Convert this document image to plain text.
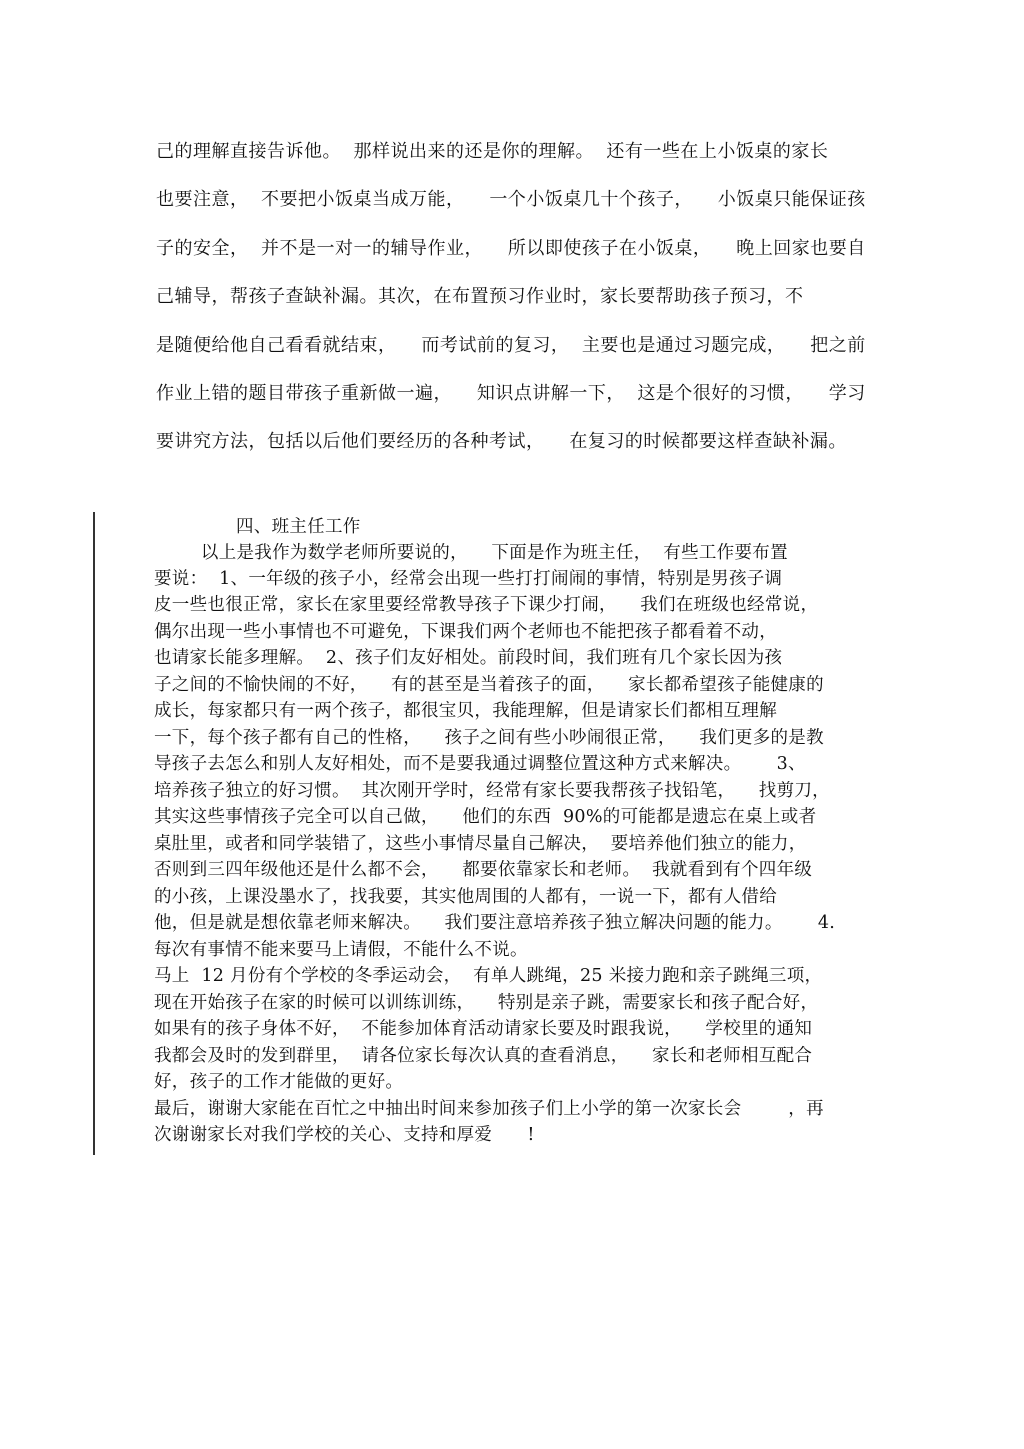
己的理解直接告诉他。  那样说出来的还是你的理解。  还有一些在上小饭桌的家长
也要注意，  不要把小饭桌当成万能，    一个小饭桌几十个孩子，    小饭桌只能保证孩
子的安全，  并不是一对一的辅导作业，    所以即使孩子在小饭桌，    晚上回家也要自
己辅导，帮孩子查缺补漏。其次，在布置预习作业时，家长要帮助孩子预习，不
是随便给他自己看看就结束，    而考试前的复习，  主要也是通过习题完成，    把之前
作业上错的题目带孩子重新做一遍，    知识点讲解一下，  这是个很好的习惯，    学习
要讲究方法，包括以后他们要经历的各种考试，    在复习的时候都要这样查缺补漏。
四、班主任工作
以上是我作为数学老师所要说的，    下面是作为班主任，  有些工作要布置
要说：  1、一年级的孩子小，经常会出现一些打打闹闹的事情，特别是男孩子调
皮一些也很正常，家长在家里要经常教导孩子下课少打闹，    我们在班级也经常说，
偶尔出现一些小事情也不可避免，下课我们两个老师也不能把孩子都看着不动，
也请家长能多理解。  2、孩子们友好相处。前段时间，我们班有几个家长因为孩
子之间的不愉快闹的不好，    有的甚至是当着孩子的面，    家长都希望孩子能健康的
成长，每家都只有一两个孩子，都很宝贝，我能理解，但是请家长们都相互理解
一下，每个孩子都有自己的性格，    孩子之间有些小吵闹很正常，    我们更多的是教
导孩子去怎么和别人友好相处，而不是要我通过调整位置这种方式来解决。      3、
培养孩子独立的好习惯。  其次刚开学时，经常有家长要我帮孩子找铅笔，    找剪刀，
其实这些事情孩子完全可以自己做，    他们的东西  90%的可能都是遗忘在桌上或者
桌肚里，或者和同学装错了，这些小事情尽量自己解决，  要培养他们独立的能力，
否则到三四年级他还是什么都不会，    都要依靠家长和老师。  我就看到有个四年级
的小孩，上课没墨水了，找我要，其实他周围的人都有，一说一下，都有人借给
他，但是就是想依靠老师来解决。    我们要注意培养孩子独立解决问题的能力。      4.
每次有事情不能来要马上请假，不能什么不说。
马上  12 月份有个学校的冬季运动会，  有单人跳绳，25 米接力跑和亲子跳绳三项，
现在开始孩子在家的时候可以训练训练，    特别是亲子跳，需要家长和孩子配合好，
如果有的孩子身体不好，  不能参加体育活动请家长要及时跟我说，    学校里的通知
我都会及时的发到群里，  请各位家长每次认真的查看消息，    家长和老师相互配合
好，孩子的工作才能做的更好。
最后，谢谢大家能在百忙之中抽出时间来参加孩子们上小学的第一次家长会        ，再
次谢谢家长对我们学校的关心、支持和厚爱      !
